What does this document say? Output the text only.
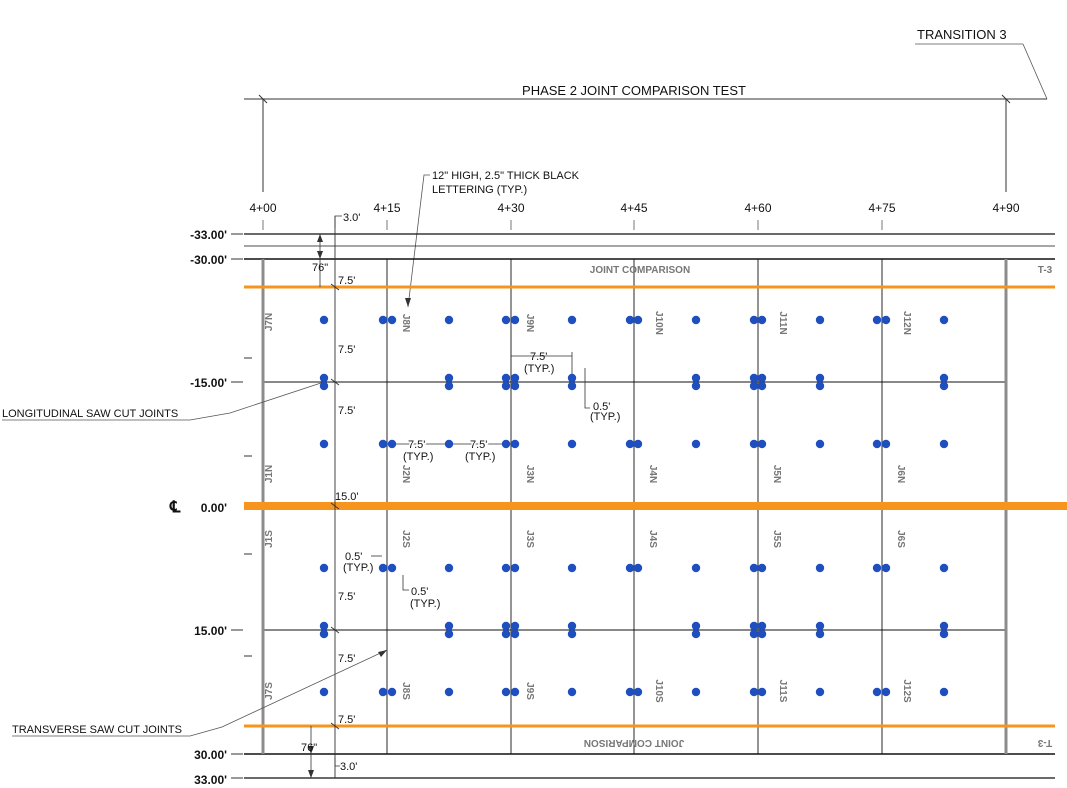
TRANSITION 3
PHASE 2 JOINT COMPARISON TEST
12" HIGH, 2.5" THICK BLACK
LETTERING (TYP.)
4+00	4+15	4+30	4+45	4+60	4+75	4+90
-33.00'
-30.00'
-15.00'
℄ 0.00'
15.00'
30.00'
33.00'
JOINT COMPARISON	T-3
JOINT COMPARISON	T-3
J7N	J8N	J9N	J10N	J11N	J12N
J1N	J2N	J3N	J4N	J5N	J6N
J1S	J2S	J3S	J4S	J5S	J6S
J7S	J8S	J9S	J10S	J11S	J12S
3.0'
76"
7.5'
7.5'
7.5'
15.0'
7.5'
7.5'
7.5'
76"
3.0'
LONGITUDINAL SAW CUT JOINTS
TRANSVERSE SAW CUT JOINTS
7.5'
(TYP.)
0.5'
(TYP.)
7.5'
(TYP.)
7.5'
(TYP.)
0.5'
(TYP.)
0.5'
(TYP.)
